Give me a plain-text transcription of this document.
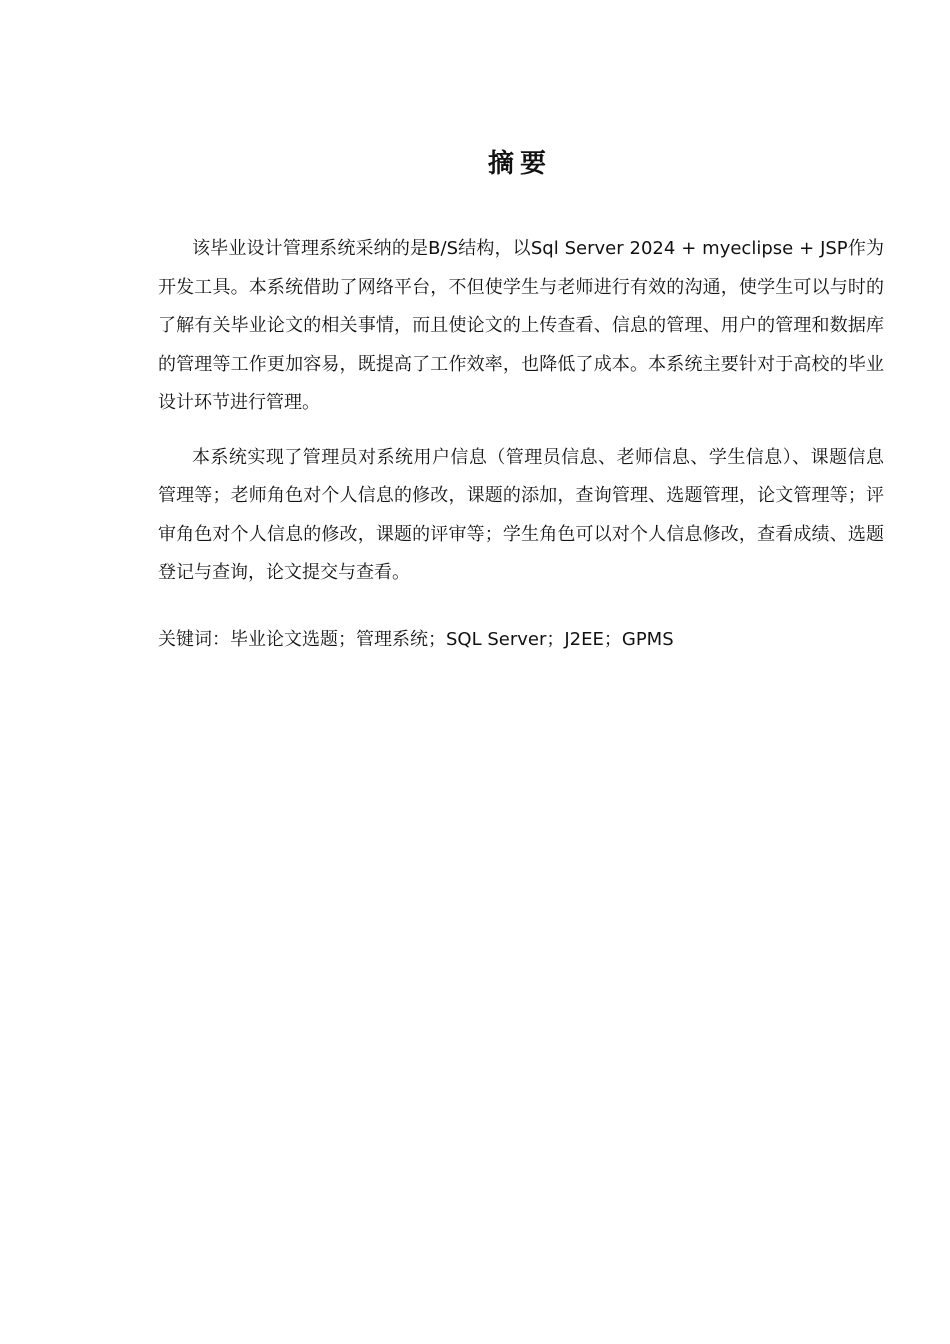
摘要

该毕业设计管理系统采纳的是B/S结构，以Sql Server 2024 + myeclipse + JSP作为开发工具。本系统借助了网络平台，不但使学生与老师进行有效的沟通，使学生可以与时的了解有关毕业论文的相关事情，而且使论文的上传查看、信息的管理、用户的管理和数据库的管理等工作更加容易，既提高了工作效率，也降低了成本。本系统主要针对于高校的毕业设计环节进行管理。

本系统实现了管理员对系统用户信息（管理员信息、老师信息、学生信息）、课题信息管理等；老师角色对个人信息的修改，课题的添加，查询管理、选题管理，论文管理等；评审角色对个人信息的修改，课题的评审等；学生角色可以对个人信息修改，查看成绩、选题登记与查询，论文提交与查看。

关键词：毕业论文选题；管理系统；SQL Server；J2EE；GPMS
